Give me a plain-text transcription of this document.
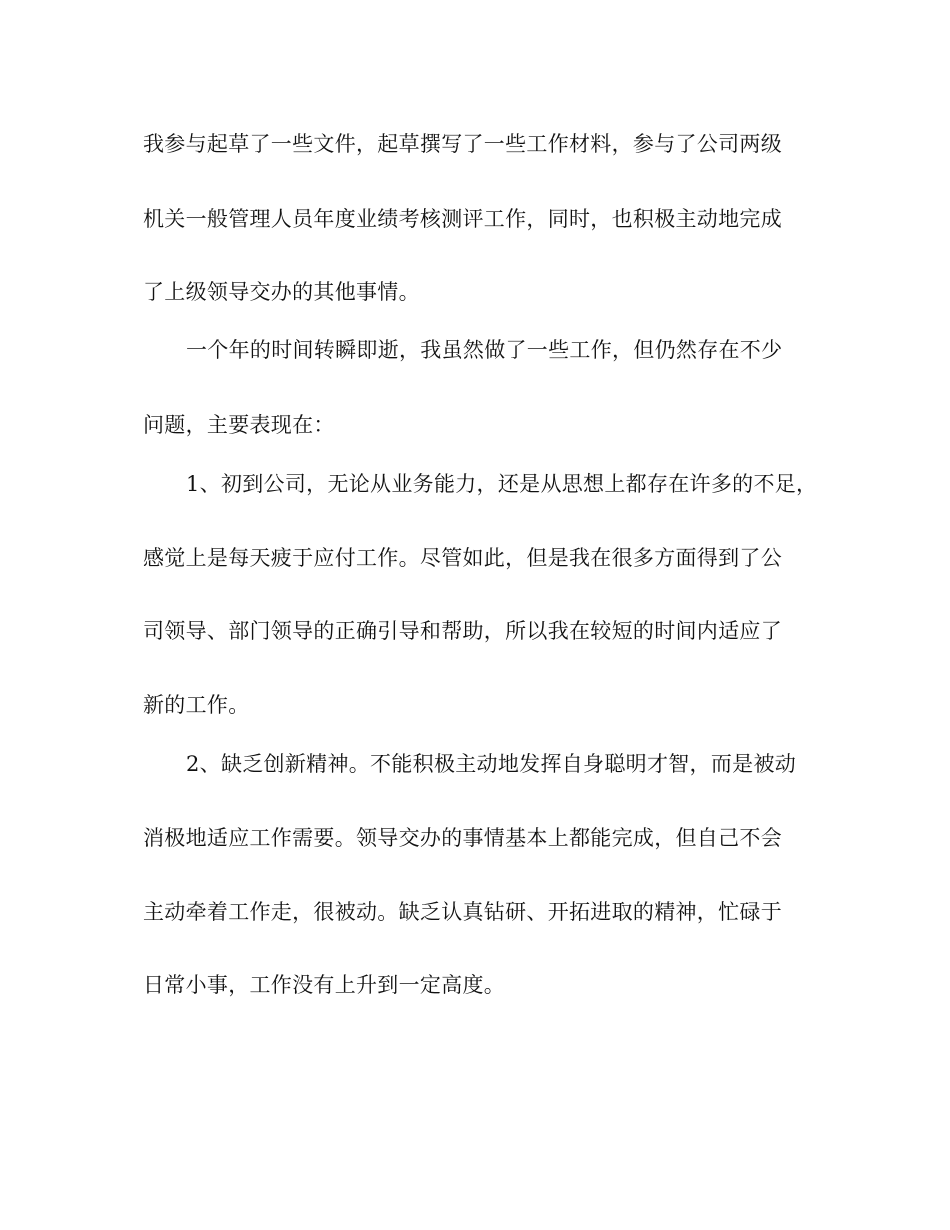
我参与起草了一些文件，起草撰写了一些工作材料，参与了公司两级
机关一般管理人员年度业绩考核测评工作，同时，也积极主动地完成
了上级领导交办的其他事情。
一个年的时间转瞬即逝，我虽然做了一些工作，但仍然存在不少
问题，主要表现在：
1、初到公司，无论从业务能力，还是从思想上都存在许多的不足，
感觉上是每天疲于应付工作。尽管如此，但是我在很多方面得到了公
司领导、部门领导的正确引导和帮助，所以我在较短的时间内适应了
新的工作。
2、缺乏创新精神。不能积极主动地发挥自身聪明才智，而是被动
消极地适应工作需要。领导交办的事情基本上都能完成，但自己不会
主动牵着工作走，很被动。缺乏认真钻研、开拓进取的精神，忙碌于
日常小事，工作没有上升到一定高度。
